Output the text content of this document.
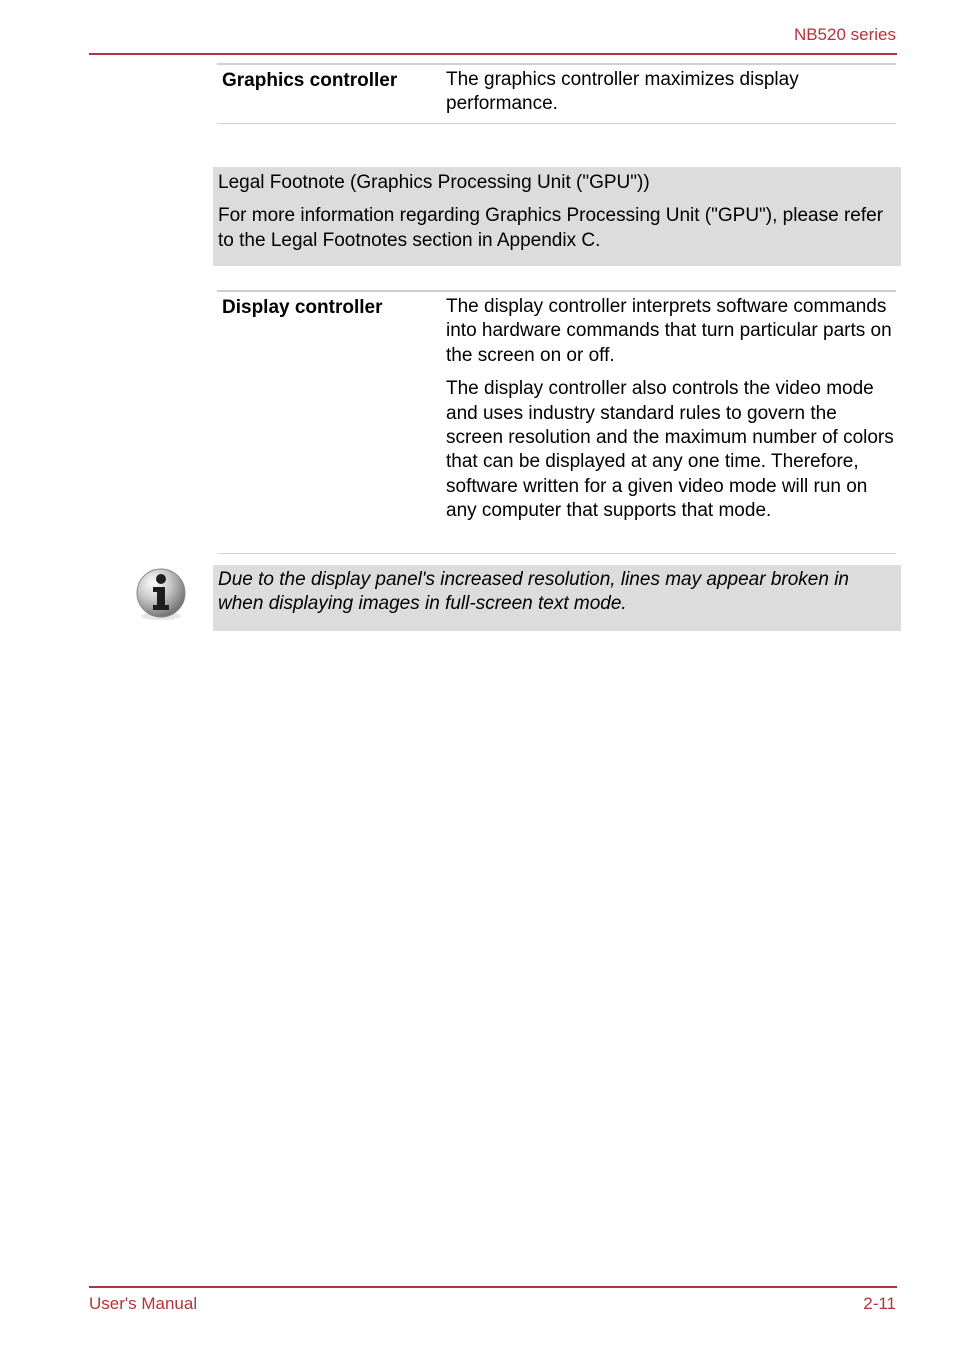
NB520 series
Graphics controller	The graphics controller maximizes display performance.

Legal Footnote (Graphics Processing Unit ("GPU"))

For more information regarding Graphics Processing Unit ("GPU"), please refer to the Legal Footnotes section in Appendix C.

Display controller	The display controller interprets software commands into hardware commands that turn particular parts on the screen on or off.

The display controller also controls the video mode and uses industry standard rules to govern the screen resolution and the maximum number of colors that can be displayed at any one time. Therefore, software written for a given video mode will run on any computer that supports that mode.

Due to the display panel's increased resolution, lines may appear broken in when displaying images in full-screen text mode.

User's Manual	2-11
